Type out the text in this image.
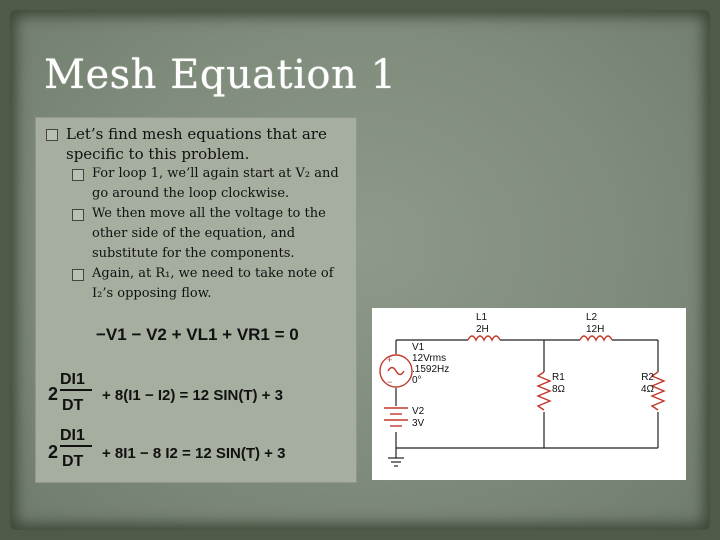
Mesh Equation 1
Let’s find mesh equations that are specific to this problem.
For loop 1, we’ll again start at V₂ and go around the loop clockwise.
We then move all the voltage to the other side of the equation, and substitute for the components.
Again, at R₁, we need to take note of I₂’s opposing flow.
−V1 − V2 + VL1 + VR1 = 0
2
DI1
DT
+ 8(I1 − I2) = 12 SIN(T) + 3
2
DI1
DT + 8I1 − 8 I2 = 12 SIN(T) + 3
+
−
L1
2H
L2
12H
V1
12Vrms
.1592Hz
0°
V2
3V
R1
8Ω
R2
4Ω
